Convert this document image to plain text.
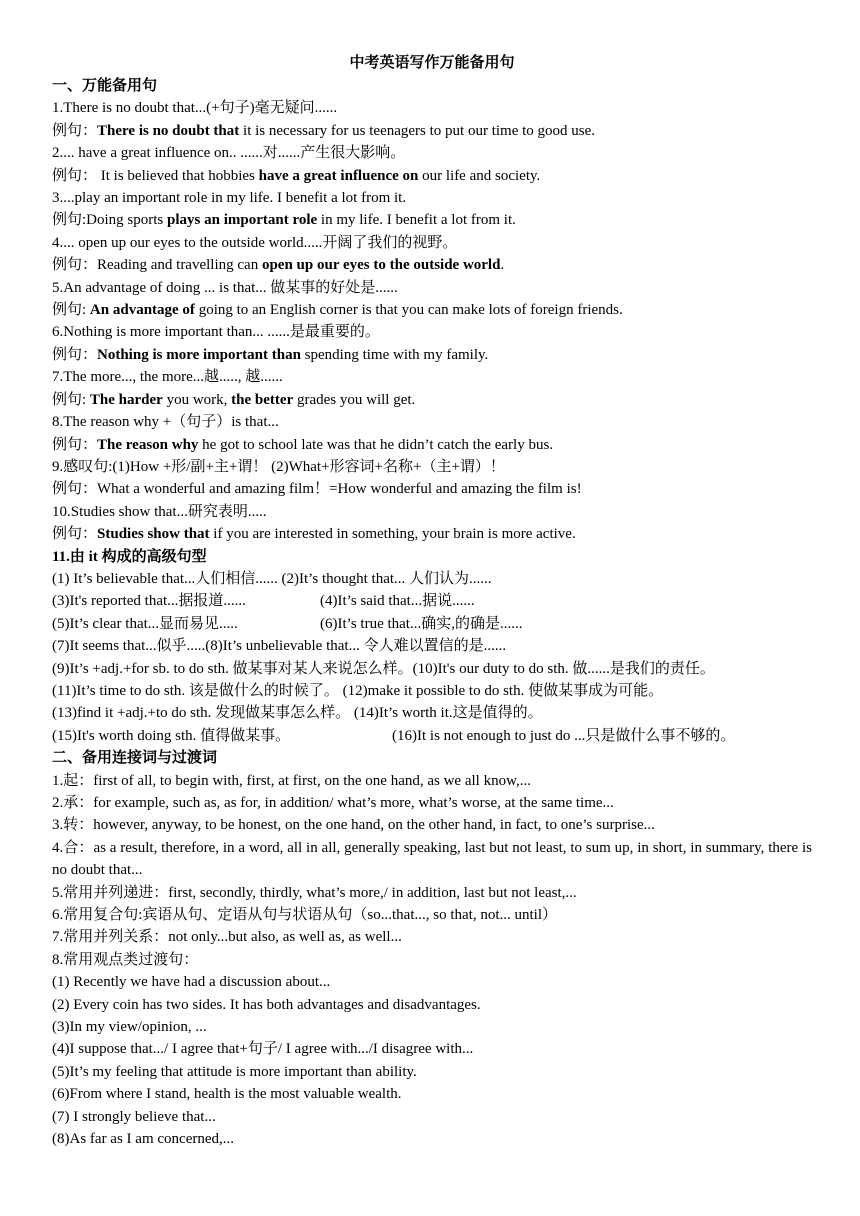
中考英语写作万能备用句
一、万能备用句
1.There is no doubt that...(+句子)毫无疑问......
例句：There is no doubt that it is necessary for us teenagers to put our time to good use.
2.... have a great influence on.. ......对......产生很大影响。
例句： It is believed that hobbies have a great influence on our life and society.
3....play an important role in my life. I benefit a lot from it.
例句:Doing sports plays an important role in my life. I benefit a lot from it.
4.... open up our eyes to the outside world.....开阔了我们的视野。
例句：Reading and travelling can open up our eyes to the outside world.
5.An advantage of doing ... is that... 做某事的好处是......
例句: An advantage of going to an English corner is that you can make lots of foreign friends.
6.Nothing is more important than... ......是最重要的。
例句：Nothing is more important than spending time with my family.
7.The more..., the more...越....., 越......
例句: The harder you work, the better grades you will get.
8.The reason why +（句子）is that...
例句：The reason why he got to school late was that he didn’t catch the early bus.
9.感叹句:(1)How +形/副+主+谓！ (2)What+形容词+名称+（主+谓）！
例句：What a wonderful and amazing film！=How wonderful and amazing the film is!
10.Studies show that...研究表明.....
例句：Studies show that if you are interested in something, your brain is more active.
11.由 it 构成的高级句型
(1) It’s believable that...人们相信...... (2)It’s thought that... 人们认为......
(3)It's reported that...据报道......	(4)It’s said that...据说......
(5)It’s clear that...显而易见.....	(6)It’s true that...确实,的确是......
(7)It seems that...似乎.....(8)It’s unbelievable that... 令人难以置信的是......
(9)It’s +adj.+for sb. to do sth. 做某事对某人来说怎么样。(10)It's our duty to do sth. 做......是我们的责任。
(11)It’s time to do sth. 该是做什么的时候了。 (12)make it possible to do sth. 使做某事成为可能。
(13)find it +adj.+to do sth. 发现做某事怎么样。 (14)It’s worth it.这是值得的。
(15)It's worth doing sth. 值得做某事。	(16)It is not enough to just do ...只是做什么事不够的。
二、备用连接词与过渡词
1.起：first of all, to begin with, first, at first, on the one hand, as we all know,...
2.承：for example, such as, as for, in addition/ what’s more, what’s worse, at the same time...
3.转：however, anyway, to be honest, on the one hand, on the other hand, in fact, to one’s surprise...
4.合：as a result, therefore, in a word, all in all, generally speaking, last but not least, to sum up, in short, in summary, there is no doubt that...
5.常用并列递进：first, secondly, thirdly, what’s more,/ in addition, last but not least,...
6.常用复合句:宾语从句、定语从句与状语从句（so...that..., so that, not... until）
7.常用并列关系：not only...but also, as well as, as well...
8.常用观点类过渡句：
(1) Recently we have had a discussion about...
(2) Every coin has two sides. It has both advantages and disadvantages.
(3)In my view/opinion, ...
(4)I suppose that.../ I agree that+句子/ I agree with.../I disagree with...
(5)It’s my feeling that attitude is more important than ability.
(6)From where I stand, health is the most valuable wealth.
(7) I strongly believe that...
(8)As far as I am concerned,...
